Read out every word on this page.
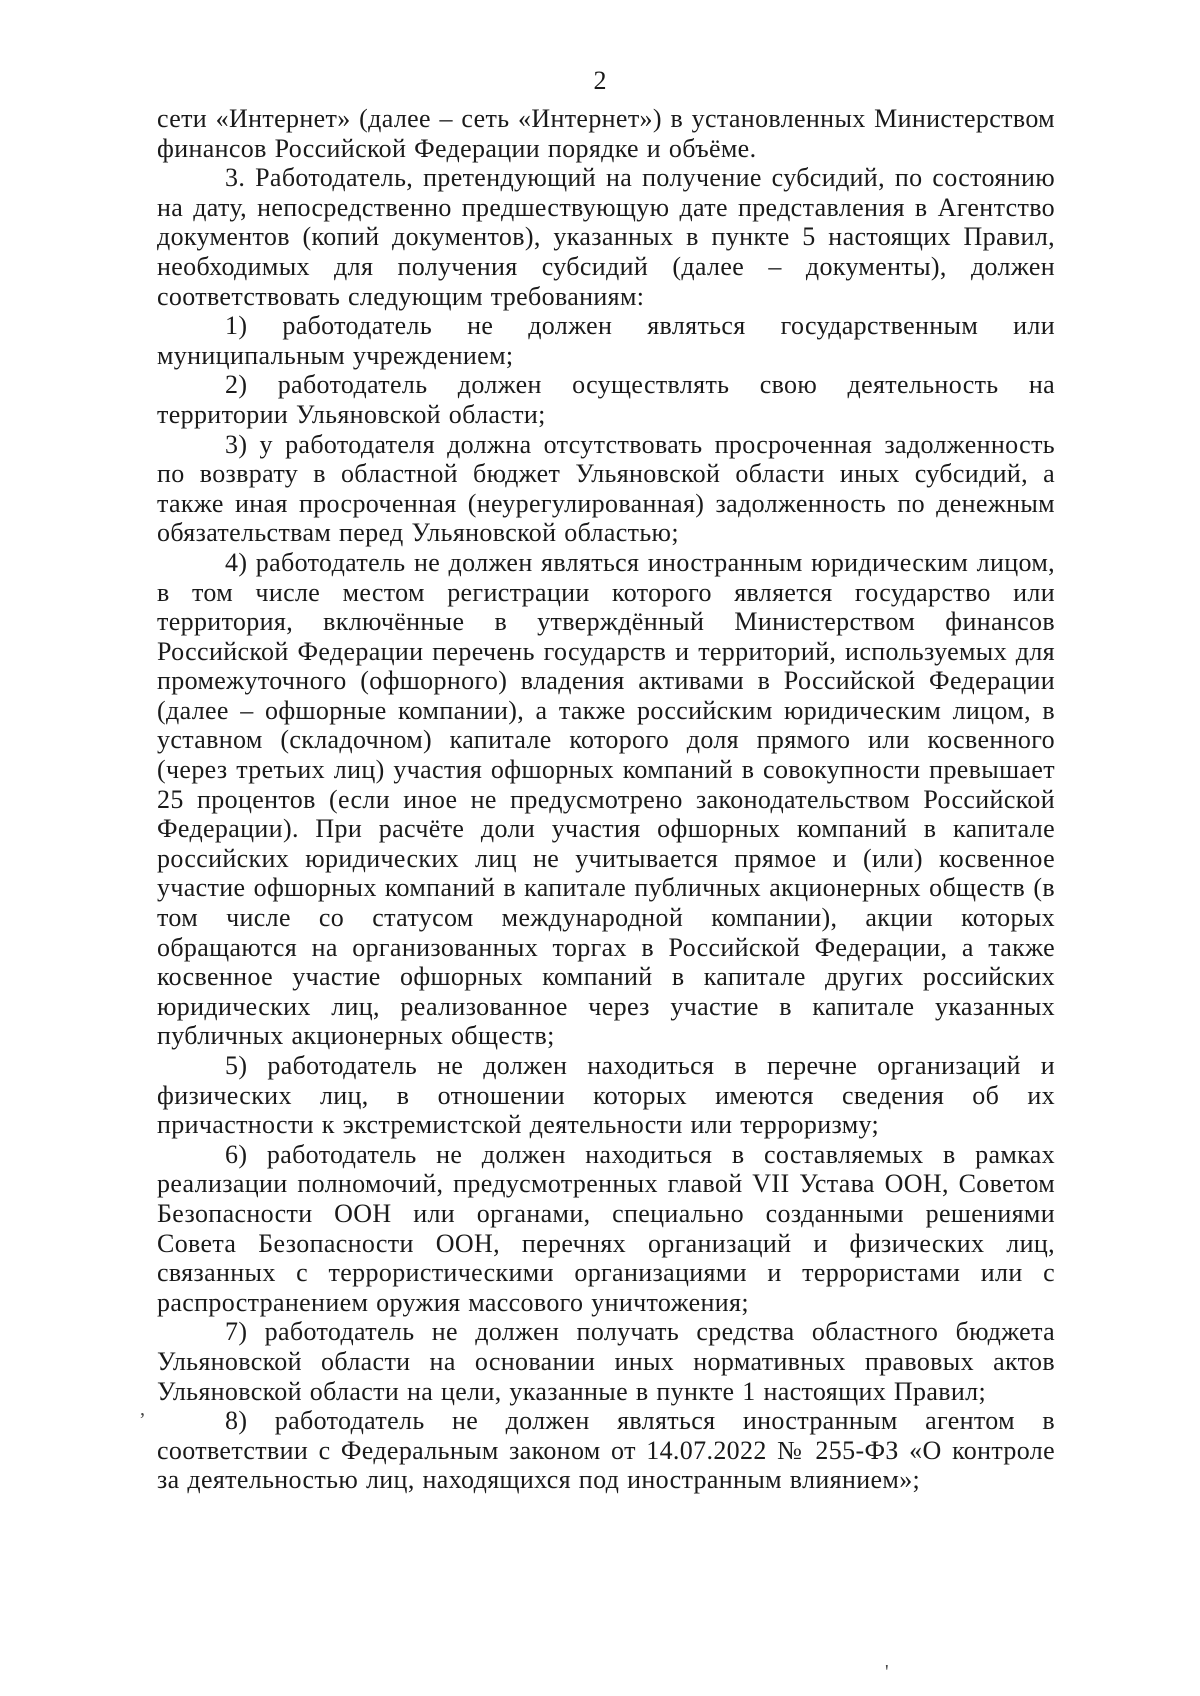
2

сети «Интернет» (далее – сеть «Интернет») в установленных Министерством финансов Российской Федерации порядке и объёме.

3. Работодатель, претендующий на получение субсидий, по состоянию на дату, непосредственно предшествующую дате представления в Агентство документов (копий документов), указанных в пункте 5 настоящих Правил, необходимых для получения субсидий (далее – документы), должен соответствовать следующим требованиям:

1) работодатель не должен являться государственным или муниципальным учреждением;

2) работодатель должен осуществлять свою деятельность на территории Ульяновской области;

3) у работодателя должна отсутствовать просроченная задолженность по возврату в областной бюджет Ульяновской области иных субсидий, а также иная просроченная (неурегулированная) задолженность по денежным обязательствам перед Ульяновской областью;

4) работодатель не должен являться иностранным юридическим лицом, в том числе местом регистрации которого является государство или территория, включённые в утверждённый Министерством финансов Российской Федерации перечень государств и территорий, используемых для промежуточного (офшорного) владения активами в Российской Федерации (далее – офшорные компании), а также российским юридическим лицом, в уставном (складочном) капитале которого доля прямого или косвенного (через третьих лиц) участия офшорных компаний в совокупности превышает 25 процентов (если иное не предусмотрено законодательством Российской Федерации). При расчёте доли участия офшорных компаний в капитале российских юридических лиц не учитывается прямое и (или) косвенное участие офшорных компаний в капитале публичных акционерных обществ (в том числе со статусом международной компании), акции которых обращаются на организованных торгах в Российской Федерации, а также косвенное участие офшорных компаний в капитале других российских юридических лиц, реализованное через участие в капитале указанных публичных акционерных обществ;

5) работодатель не должен находиться в перечне организаций и физических лиц, в отношении которых имеются сведения об их причастности к экстремистской деятельности или терроризму;

6) работодатель не должен находиться в составляемых в рамках реализации полномочий, предусмотренных главой VII Устава ООН, Советом Безопасности ООН или органами, специально созданными решениями Совета Безопасности ООН, перечнях организаций и физических лиц, связанных с террористическими организациями и террористами или с распространением оружия массового уничтожения;

7) работодатель не должен получать средства областного бюджета Ульяновской области на основании иных нормативных правовых актов Ульяновской области на цели, указанные в пункте 1 настоящих Правил;

8) работодатель не должен являться иностранным агентом в соответствии с Федеральным законом от 14.07.2022 № 255-ФЗ «О контроле за деятельностью лиц, находящихся под иностранным влиянием»;

,
'
